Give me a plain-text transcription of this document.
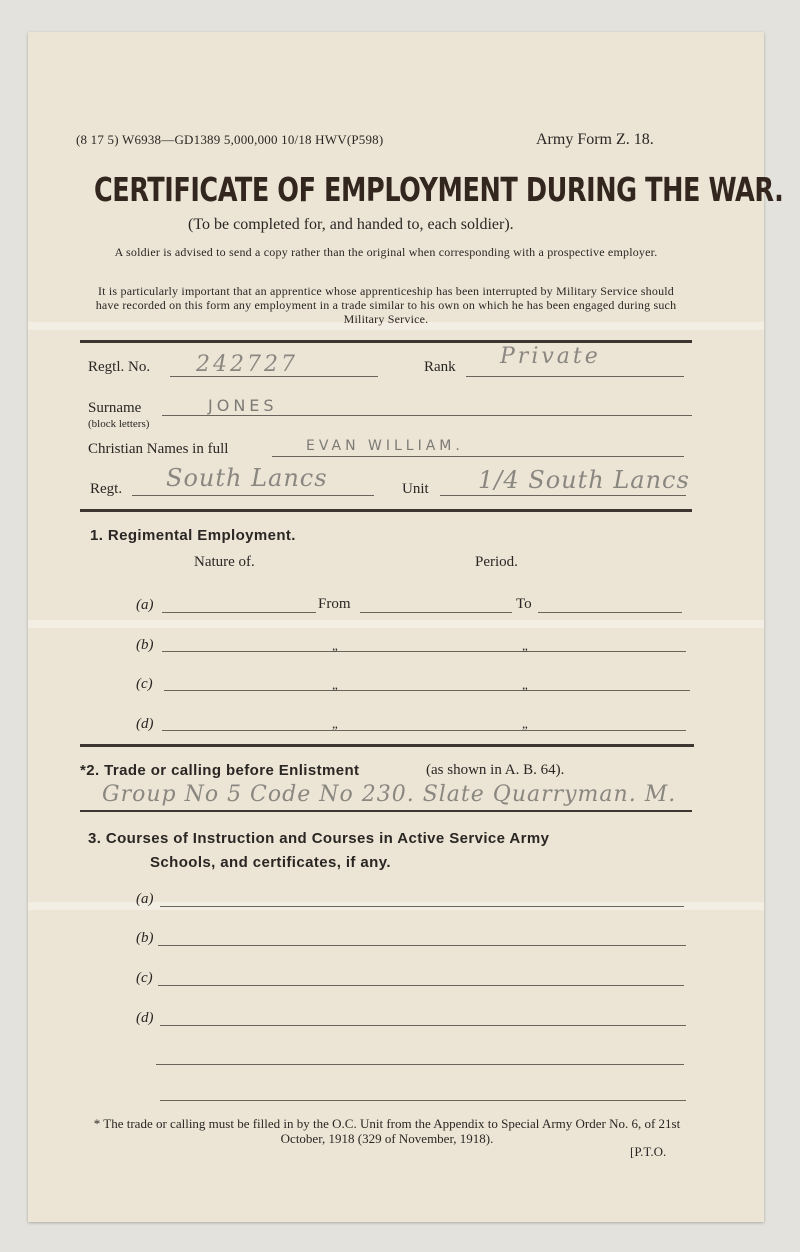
(8 17 5) W6938—GD1389 5,000,000 10/18 HWV(P598)	Army Form Z. 18.
CERTIFICATE OF EMPLOYMENT DURING THE WAR.
(To be completed for, and handed to, each soldier).
A soldier is advised to send a copy rather than the original when corresponding with a prospective employer.
It is particularly important that an apprentice whose apprenticeship has been interrupted by Military Service should have recorded on this form any employment in a trade similar to his own on which he has been engaged during such Military Service.
Regtl. No. 242727	Rank Private
Surname
(block letters)
JONES
Christian Names in full	EVAN WILLIAM.
Regt. South Lancs	Unit 1/4 South Lancs
1. Regimental Employment.
Nature of.	Period.
(a)	From	To
(b)	„	„
(c)	„	„
(d)	„	„
*2. Trade or calling before Enlistment	(as shown in A. B. 64).
Group No 5 Code No 230. Slate Quarryman. M.
3. Courses of Instruction and Courses in Active Service Army
Schools, and certificates, if any.
(a)
(b)
(c)
(d)
* The trade or calling must be filled in by the O.C. Unit from the Appendix to Special Army Order No. 6, of 21st October, 1918 (329 of November, 1918).
[P.T.O.
